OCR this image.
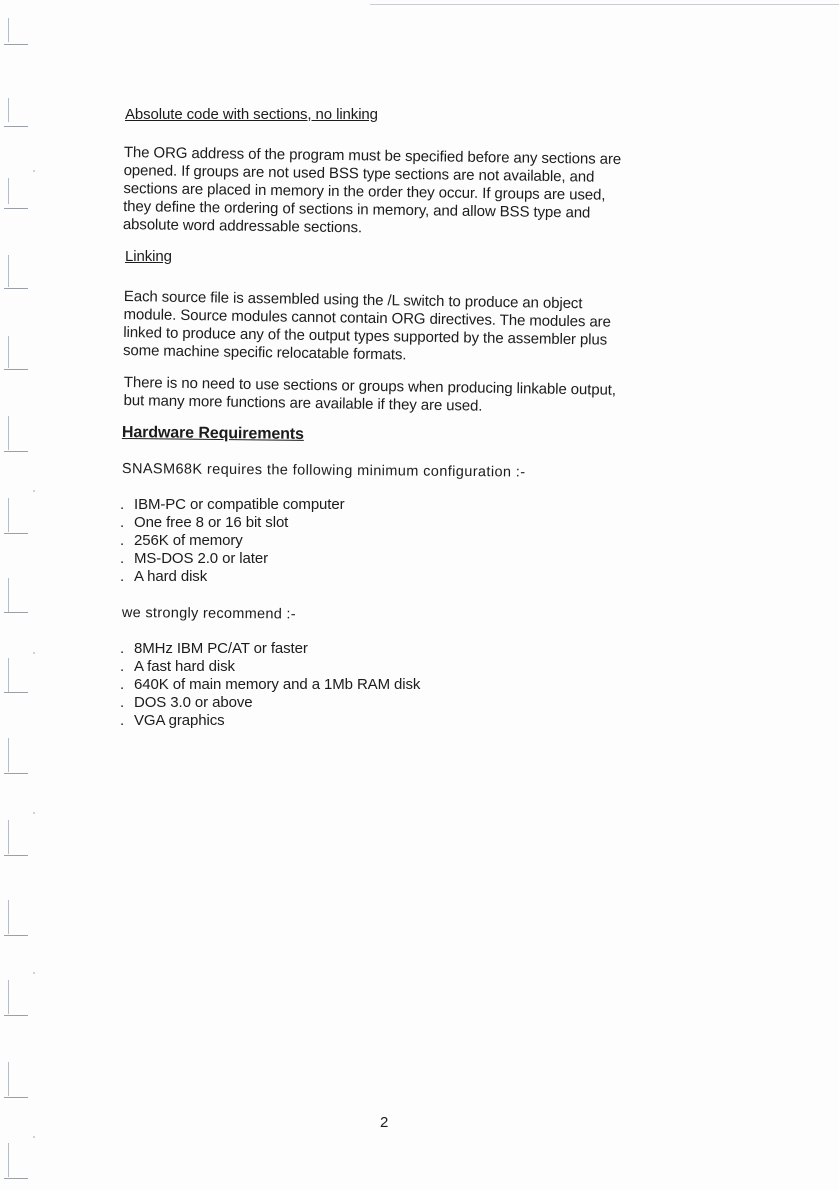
Absolute code with sections, no linking
The ORG address of the program must be specified before any sections are
opened. If groups are not used BSS type sections are not available, and
sections are placed in memory in the order they occur. If groups are used,
they define the ordering of sections in memory, and allow BSS type and
absolute word addressable sections.
Linking
Each source file is assembled using the /L switch to produce an object
module. Source modules cannot contain ORG directives. The modules are
linked to produce any of the output types supported by the assembler plus
some machine specific relocatable formats.
There is no need to use sections or groups when producing linkable output,
but many more functions are available if they are used.
Hardware Requirements
SNASM68K requires the following minimum configuration :-
. IBM-PC or compatible computer
. One free 8 or 16 bit slot
. 256K of memory
. MS-DOS 2.0 or later
. A hard disk
we strongly recommend :-
. 8MHz IBM PC/AT or faster
. A fast hard disk
. 640K of main memory and a 1Mb RAM disk
. DOS 3.0 or above
. VGA graphics
2
